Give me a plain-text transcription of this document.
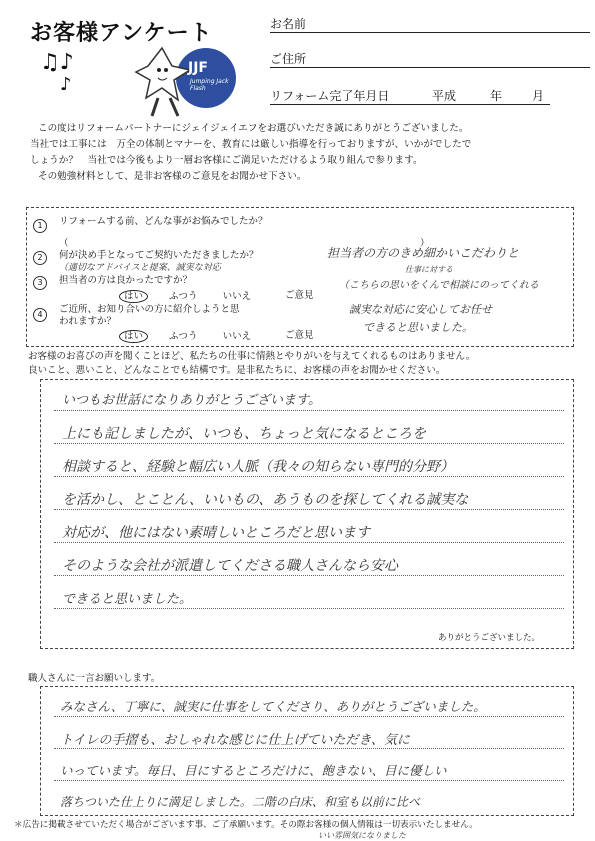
お客様アンケート
♫♪
♪
JJF
Jumping Jack Flash
お名前
ご住所
リフォーム完了年月日	平成	年 月

この度はリフォームパートナーにジェイジェイエフをお選びいただき誠にありがとうございました。

当社では工事には　万全の体制とマナーを、教育には厳しい指導を行っておりますが、いかがでしたで

しょうか？　当社では今後もより一層お客様にご満足いただけるよう取り組んで参ります。

その勉強材料として、是非お客様のご意見をお聞かせ下さい。

1	リフォームする前、どんな事がお悩みでしたか？
（　　　　　　　　　　　　　　　　　　　　　　　　　　　　　　　　　　　　　）
2	何が決め手となってご契約いただきましたか？
（適切なアドバイスと提案、誠実な対応
3	担当者の方は良かったですか？
はい	ふつう	いいえ	ご意見
4	ご近所、お知り合いの方に紹介しようと思
われますか？
はい	ふつう	いいえ	ご意見
担当者の方のきめ細かいこだわりと
仕事に対する
（こちらの思いをくんで相談にのってくれる
誠実な対応に安心してお任せ
できると思いました。
お客様のお喜びの声を聞くことほど、私たちの仕事に情熱とやりがいを与えてくれるものはありません。
良いこと、悪いこと、どんなことでも結構です。是非私たちに、お客様の声をお聞かせください。
いつもお世話になりありがとうございます。
上にも記しましたが、いつも、ちょっと気になるところを
相談すると、経験と幅広い人脈（我々の知らない専門的分野）
を活かし、とことん、いいもの、あうものを探してくれる誠実な
対応が、他にはない素晴しいところだと思います
そのような会社が派遣してくださる職人さんなら安心
できると思いました。
ありがとうございました。
職人さんに一言お願いします。
みなさん、丁寧に、誠実に仕事をしてくださり、ありがとうございました。
トイレの手摺も、おしゃれな感じに仕上げていただき、気に
いっています。毎日、目にするところだけに、飽きない、目に優しい
落ちついた仕上りに満足しました。二階の白床、和室も以前に比べ
いい雰囲気になりました
＊広告に掲載させていただく場合がございます事、ご了承願います。その際お客様の個人情報は一切表示いたしません。
